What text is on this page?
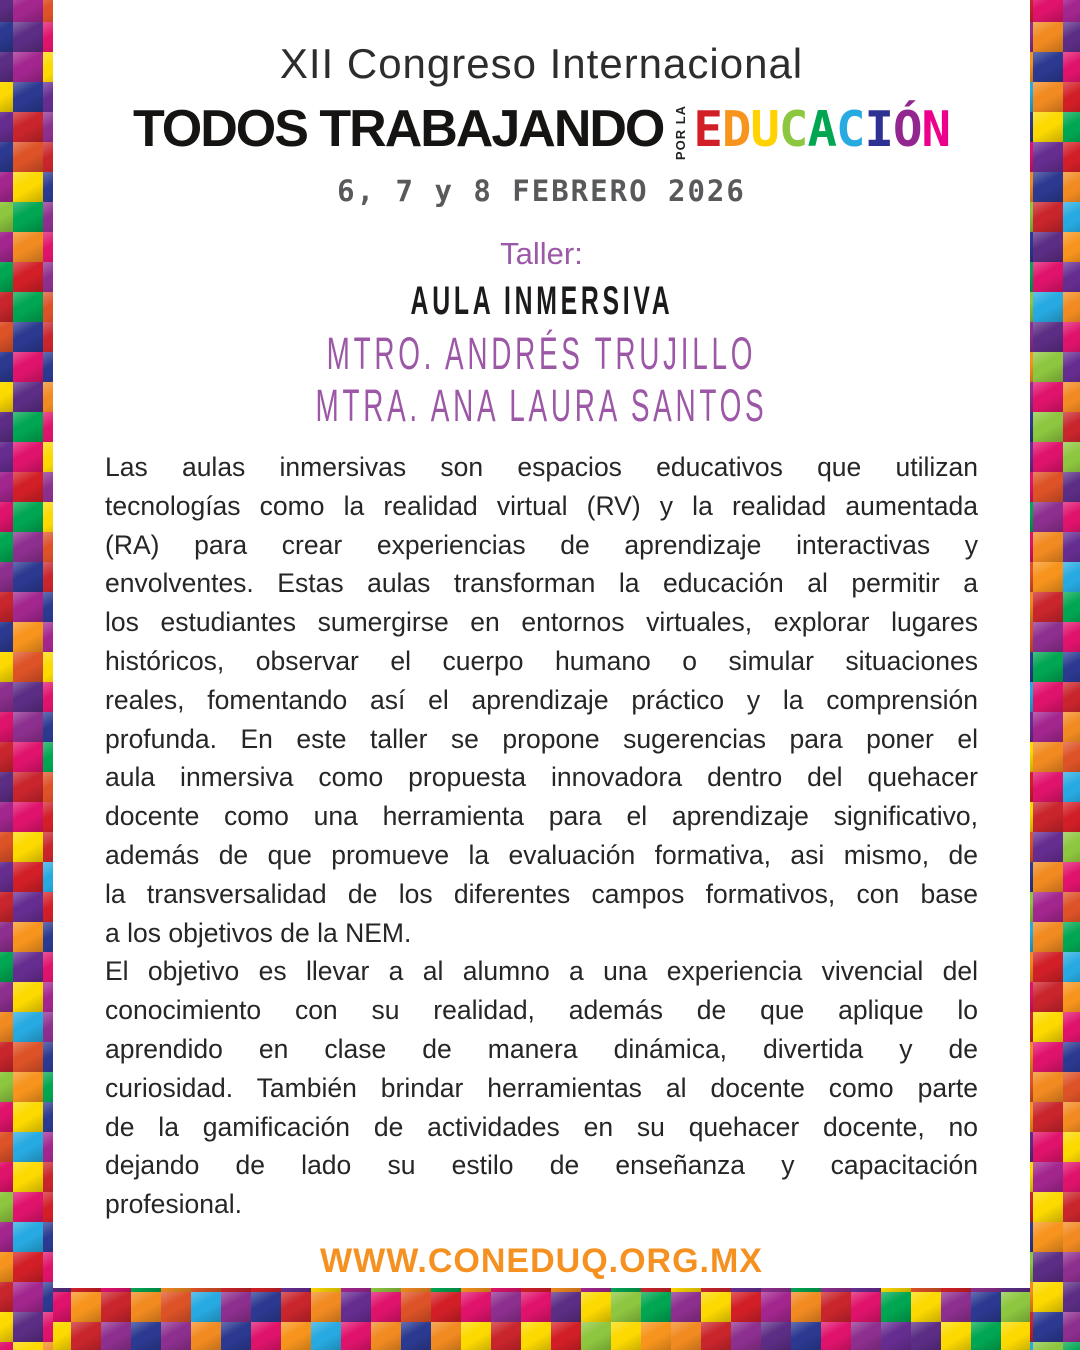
XII Congreso Internacional
TODOS TRABAJANDO POR LA EDUCACIÓN
6, 7 y 8 FEBRERO 2026
Taller:
AULA INMERSIVA
MTRO. ANDRÉS TRUJILLO
MTRA. ANA LAURA SANTOS
Las aulas inmersivas son espacios educativos que utilizan
tecnologías como la realidad virtual (RV) y la realidad aumentada
(RA) para crear experiencias de aprendizaje interactivas y
envolventes. Estas aulas transforman la educación al permitir a
los estudiantes sumergirse en entornos virtuales, explorar lugares
históricos, observar el cuerpo humano o simular situaciones
reales, fomentando así el aprendizaje práctico y la comprensión
profunda. En este taller se propone sugerencias para poner el
aula inmersiva como propuesta innovadora dentro del quehacer
docente como una herramienta para el aprendizaje significativo,
además de que promueve la evaluación formativa, asi mismo, de
la transversalidad de los diferentes campos formativos, con base
a los objetivos de la NEM.
El objetivo es llevar a al alumno a una experiencia vivencial del
conocimiento con su realidad, además de que aplique lo
aprendido en clase de manera dinámica, divertida y de
curiosidad. También brindar herramientas al docente como parte
de la gamificación de actividades en su quehacer docente, no
dejando de lado su estilo de enseñanza y capacitación
profesional.
WWW.CONEDUQ.ORG.MX
